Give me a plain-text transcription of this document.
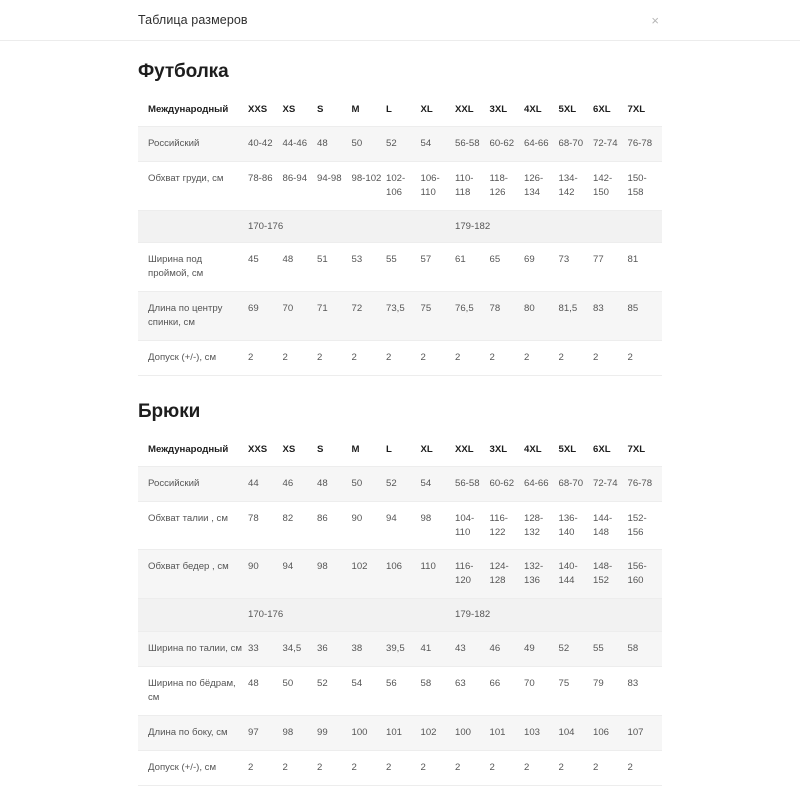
Таблица размеров	×
Футболка
Международный	XXS	XS	S	M	L	XL	XXL	3XL	4XL	5XL	6XL	7XL
Российский	40-42	44-46	48	50	52	54	56-58	60-62	64-66	68-70	72-74	76-78
Обхват груди, см	78-86	86-94	94-98	98-102	102-106	106-110	110-118	118-126	126-134	134-142	142-150	150-158
	170-176						179-182					
Ширина под проймой, см	45	48	51	53	55	57	61	65	69	73	77	81
Длина по центру спинки, см	69	70	71	72	73,5	75	76,5	78	80	81,5	83	85
Допуск (+/-), см	2	2	2	2	2	2	2	2	2	2	2	2
Брюки
Международный	XXS	XS	S	M	L	XL	XXL	3XL	4XL	5XL	6XL	7XL
Российский	44	46	48	50	52	54	56-58	60-62	64-66	68-70	72-74	76-78
Обхват талии , см	78	82	86	90	94	98	104-110	116-122	128-132	136-140	144-148	152-156
Обхват бедер , см	90	94	98	102	106	110	116-120	124-128	132-136	140-144	148-152	156-160
	170-176						179-182					
Ширина по талии, см	33	34,5	36	38	39,5	41	43	46	49	52	55	58
Ширина по бёдрам, см	48	50	52	54	56	58	63	66	70	75	79	83
Длина по боку, см	97	98	99	100	101	102	100	101	103	104	106	107
Допуск (+/-), см	2	2	2	2	2	2	2	2	2	2	2	2
